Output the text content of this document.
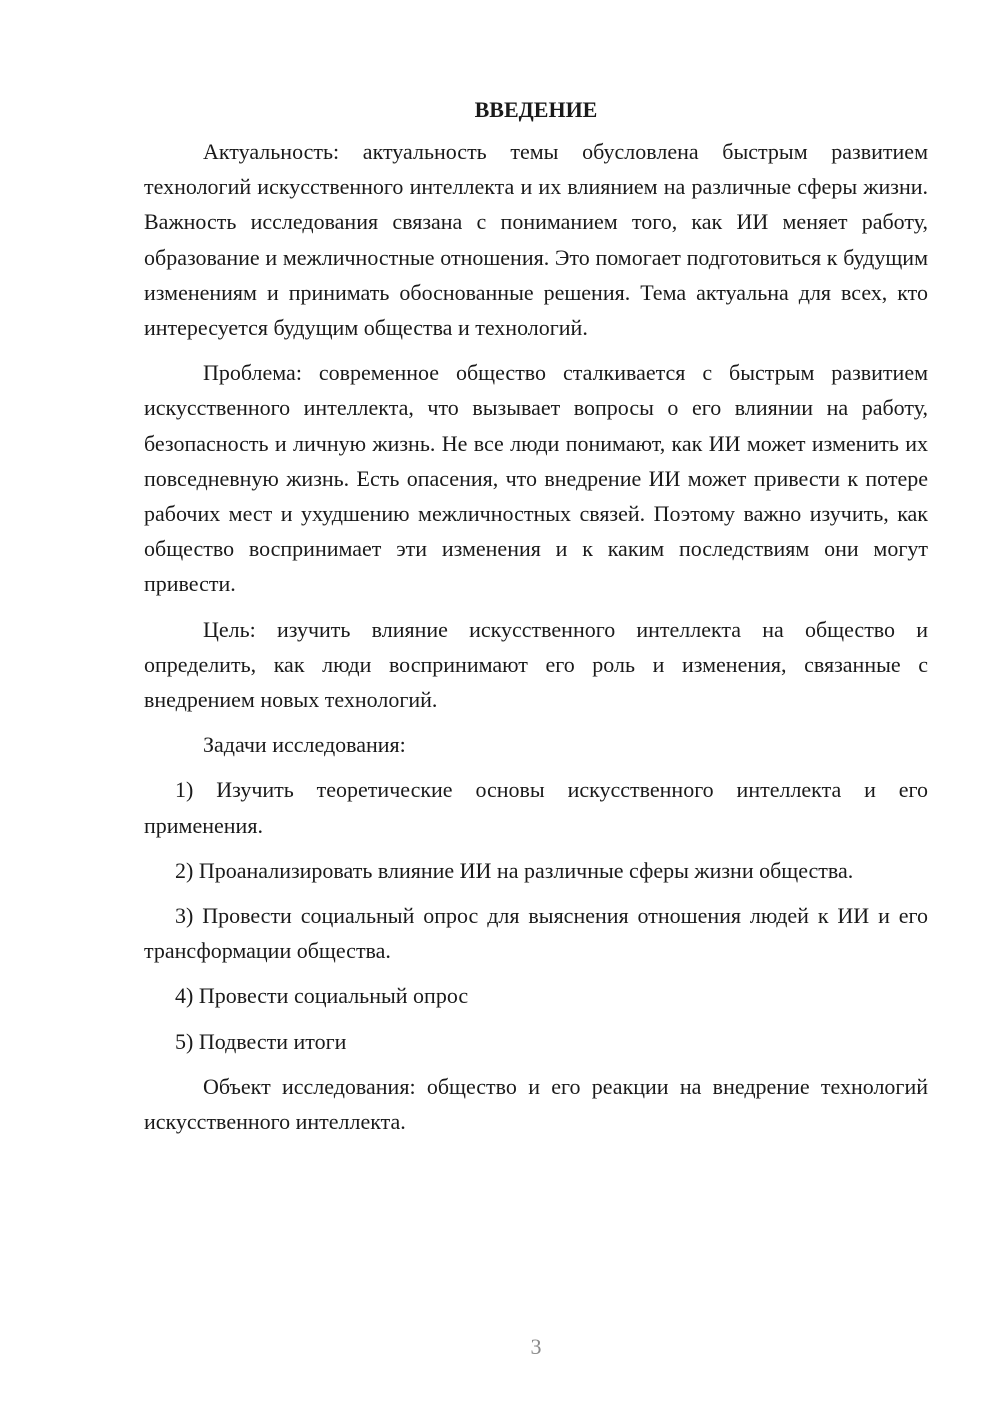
ВВЕДЕНИЕ

Актуальность: актуальность темы обусловлена быстрым развитием технологий искусственного интеллекта и их влиянием на различные сферы жизни. Важность исследования связана с пониманием того, как ИИ меняет работу, образование и межличностные отношения. Это помогает подготовиться к будущим изменениям и принимать обоснованные решения. Тема актуальна для всех, кто интересуется будущим общества и технологий.

Проблема: современное общество сталкивается с быстрым развитием искусственного интеллекта, что вызывает вопросы о его влиянии на работу, безопасность и личную жизнь. Не все люди понимают, как ИИ может изменить их повседневную жизнь. Есть опасения, что внедрение ИИ может привести к потере рабочих мест и ухудшению межличностных связей. Поэтому важно изучить, как общество воспринимает эти изменения и к каким последствиям они могут привести.

Цель: изучить влияние искусственного интеллекта на общество и определить, как люди воспринимают его роль и изменения, связанные с внедрением новых технологий.

Задачи исследования:

1) Изучить теоретические основы искусственного интеллекта и его применения.

2) Проанализировать влияние ИИ на различные сферы жизни общества.

3) Провести социальный опрос для выяснения отношения людей к ИИ и его трансформации общества.

4) Провести социальный опрос

5) Подвести итоги

Объект исследования: общество и его реакции на внедрение технологий искусственного интеллекта.

3
